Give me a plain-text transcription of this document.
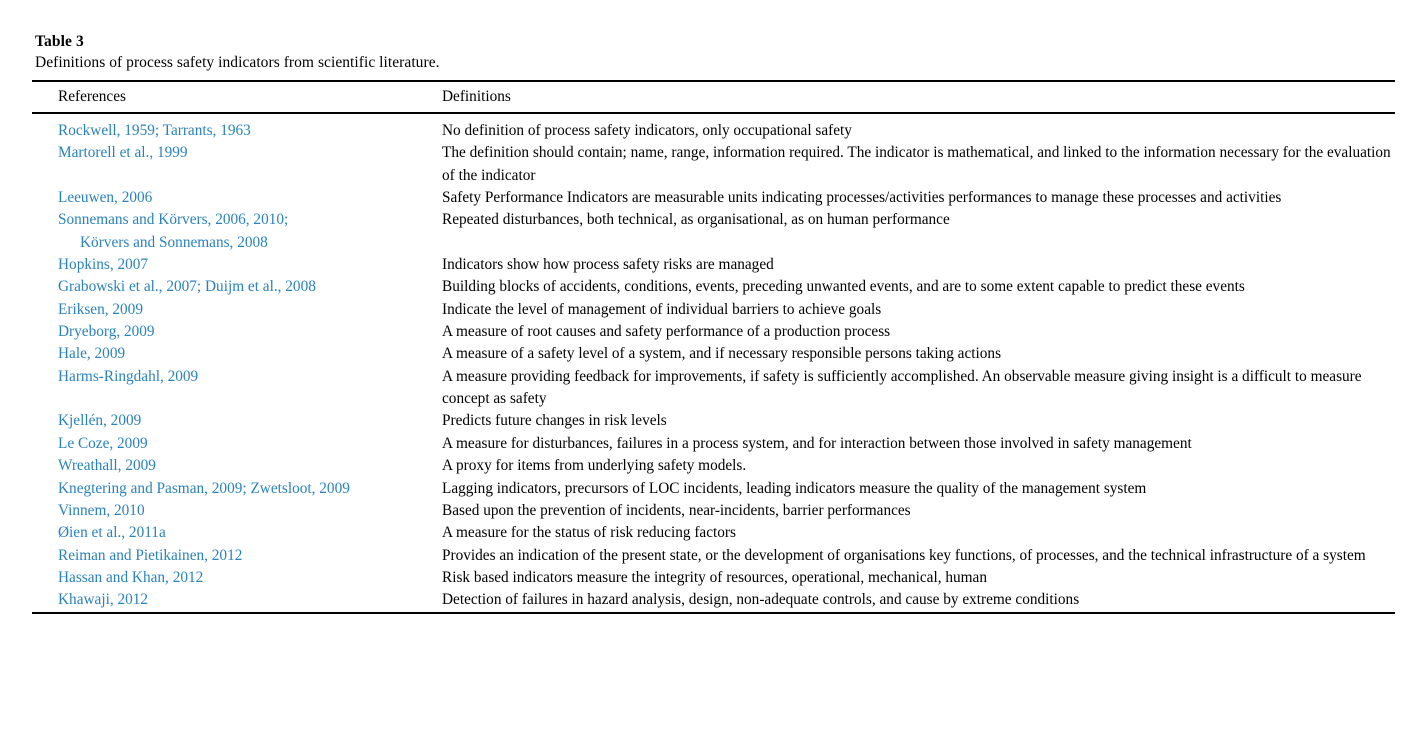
Table 3
Definitions of process safety indicators from scientific literature.
References	Definitions

Rockwell, 1959; Tarrants, 1963	No definition of process safety indicators, only occupational safety

Martorell et al., 1999	The definition should contain; name, range, information required. The indicator is mathematical, and linked to the information necessary for the evaluation of the indicator

Leeuwen, 2006	Safety Performance Indicators are measurable units indicating processes/activities performances to manage these processes and activities

Sonnemans and Körvers, 2006, 2010;
Körvers and Sonnemans, 2008	Repeated disturbances, both technical, as organisational, as on human performance

Hopkins, 2007	Indicators show how process safety risks are managed

Grabowski et al., 2007; Duijm et al., 2008	Building blocks of accidents, conditions, events, preceding unwanted events, and are to some extent capable to predict these events

Eriksen, 2009	Indicate the level of management of individual barriers to achieve goals

Dryeborg, 2009	A measure of root causes and safety performance of a production process

Hale, 2009	A measure of a safety level of a system, and if necessary responsible persons taking actions

Harms-Ringdahl, 2009	A measure providing feedback for improvements, if safety is sufficiently accomplished. An observable measure giving insight is a difficult to measure concept as safety

Kjellén, 2009	Predicts future changes in risk levels

Le Coze, 2009	A measure for disturbances, failures in a process system, and for interaction between those involved in safety management

Wreathall, 2009	A proxy for items from underlying safety models.

Knegtering and Pasman, 2009; Zwetsloot, 2009	Lagging indicators, precursors of LOC incidents, leading indicators measure the quality of the management system

Vinnem, 2010	Based upon the prevention of incidents, near-incidents, barrier performances

Øien et al., 2011a	A measure for the status of risk reducing factors

Reiman and Pietikainen, 2012	Provides an indication of the present state, or the development of organisations key functions, of processes, and the technical infrastructure of a system

Hassan and Khan, 2012	Risk based indicators measure the integrity of resources, operational, mechanical, human

Khawaji, 2012	Detection of failures in hazard analysis, design, non-adequate controls, and cause by extreme conditions
